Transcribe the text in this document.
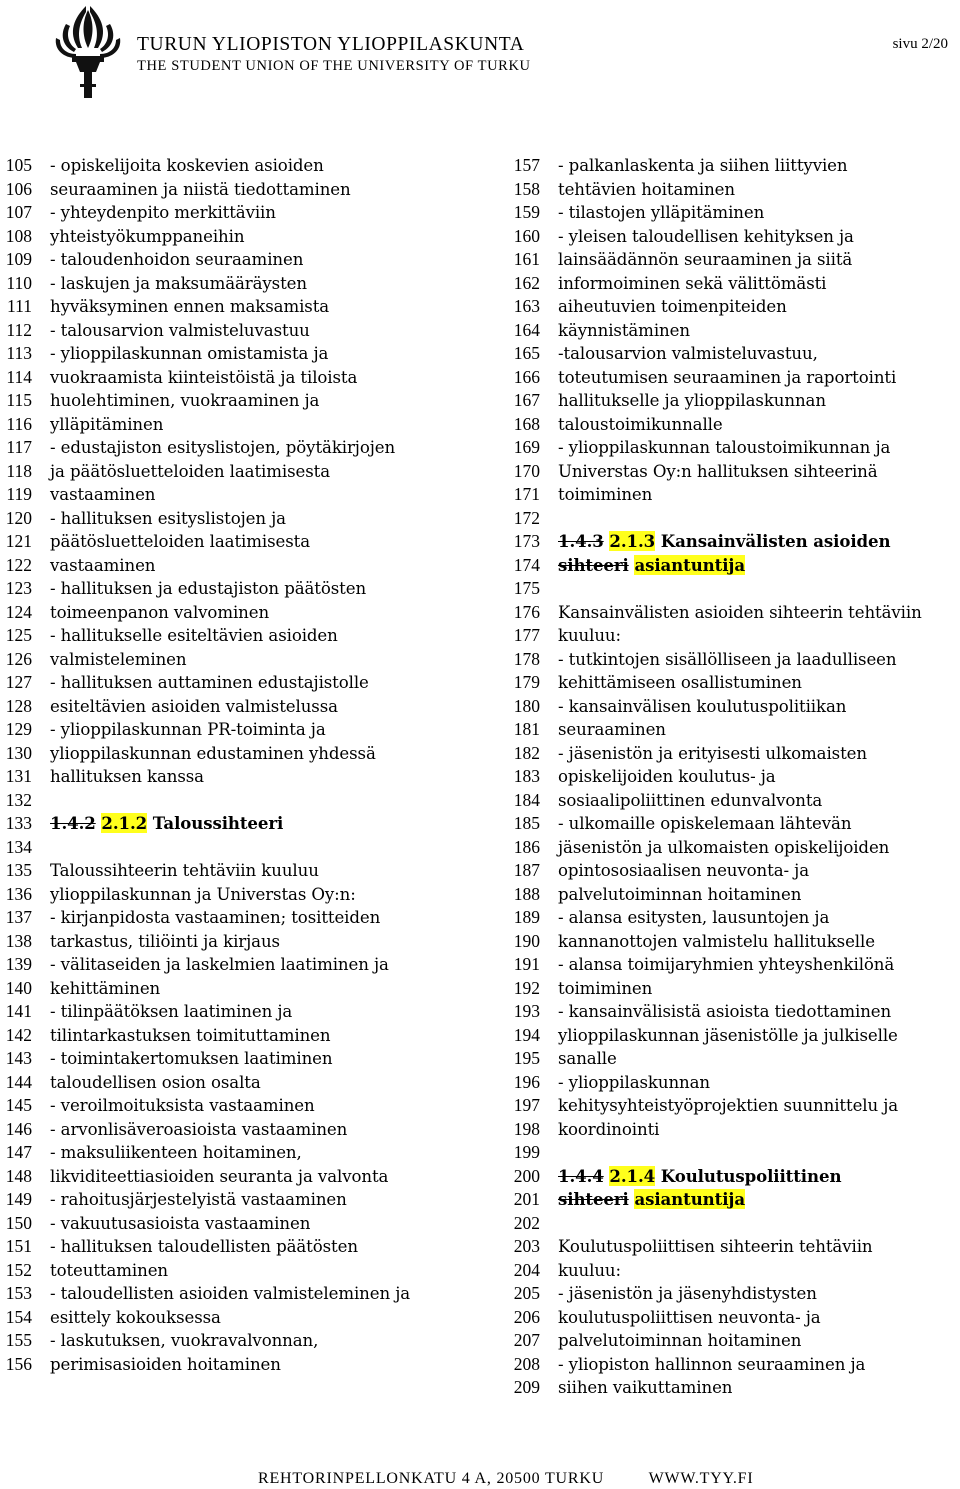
TURUN YLIOPISTON YLIOPPILASKUNTA
THE STUDENT UNION OF THE UNIVERSITY OF TURKU
sivu 2/20
105 - opiskelijoita koskevien asioiden
106 seuraaminen ja niistä tiedottaminen
107 - yhteydenpito merkittäviin
108 yhteistyökumppaneihin
109 - taloudenhoidon seuraaminen
110 - laskujen ja maksumääräysten
111 hyväksyminen ennen maksamista
112 - talousarvion valmisteluvastuu
113 - ylioppilaskunnan omistamista ja
114 vuokraamista kiinteistöistä ja tiloista
115 huolehtiminen, vuokraaminen ja
116 ylläpitäminen
117 - edustajiston esityslistojen, pöytäkirjojen
118 ja päätösluetteloiden laatimisesta
119 vastaaminen
120 - hallituksen esityslistojen ja
121 päätösluetteloiden laatimisesta
122 vastaaminen
123 - hallituksen ja edustajiston päätösten
124 toimeenpanon valvominen
125 - hallitukselle esiteltävien asioiden
126 valmisteleminen
127 - hallituksen auttaminen edustajistolle
128 esiteltävien asioiden valmistelussa
129 - ylioppilaskunnan PR-toiminta ja
130 ylioppilaskunnan edustaminen yhdessä
131 hallituksen kanssa
132
133 1.4.2 2.1.2 Taloussihteeri
134
135 Taloussihteerin tehtäviin kuuluu
136 ylioppilaskunnan ja Universtas Oy:n:
137 - kirjanpidosta vastaaminen; tositteiden
138 tarkastus, tiliöinti ja kirjaus
139 - välitaseiden ja laskelmien laatiminen ja
140 kehittäminen
141 - tilinpäätöksen laatiminen ja
142 tilintarkastuksen toimituttaminen
143 - toimintakertomuksen laatiminen
144 taloudellisen osion osalta
145 - veroilmoituksista vastaaminen
146 - arvonlisäveroasioista vastaaminen
147 - maksuliikenteen hoitaminen,
148 likviditeettiasioiden seuranta ja valvonta
149 - rahoitusjärjestelyistä vastaaminen
150 - vakuutusasioista vastaaminen
151 - hallituksen taloudellisten päätösten
152 toteuttaminen
153 - taloudellisten asioiden valmisteleminen ja
154 esittely kokouksessa
155 - laskutuksen, vuokravalvonnan,
156 perimisasioiden hoitaminen
157 - palkanlaskenta ja siihen liittyvien
158 tehtävien hoitaminen
159 - tilastojen ylläpitäminen
160 - yleisen taloudellisen kehityksen ja
161 lainsäädännön seuraaminen ja siitä
162 informoiminen sekä välittömästi
163 aiheutuvien toimenpiteiden
164 käynnistäminen
165 -talousarvion valmisteluvastuu,
166 toteutumisen seuraaminen ja raportointi
167 hallitukselle ja ylioppilaskunnan
168 taloustoimikunnalle
169 - ylioppilaskunnan taloustoimikunnan ja
170 Universtas Oy:n hallituksen sihteerinä
171 toimiminen
172
173 1.4.3 2.1.3 Kansainvälisten asioiden
174 sihteeri asiantuntija
175
176 Kansainvälisten asioiden sihteerin tehtäviin
177 kuuluu:
178 - tutkintojen sisällölliseen ja laadulliseen
179 kehittämiseen osallistuminen
180 - kansainvälisen koulutuspolitiikan
181 seuraaminen
182 - jäsenistön ja erityisesti ulkomaisten
183 opiskelijoiden koulutus- ja
184 sosiaalipoliittinen edunvalvonta
185 - ulkomaille opiskelemaan lähtevän
186 jäsenistön ja ulkomaisten opiskelijoiden
187 opintososiaalisen neuvonta- ja
188 palvelutoiminnan hoitaminen
189 - alansa esitysten, lausuntojen ja
190 kannanottojen valmistelu hallitukselle
191 - alansa toimijaryhmien yhteyshenkilönä
192 toimiminen
193 - kansainvälisistä asioista tiedottaminen
194 ylioppilaskunnan jäsenistölle ja julkiselle
195 sanalle
196 - ylioppilaskunnan
197 kehitysyhteistyöprojektien suunnittelu ja
198 koordinointi
199
200 1.4.4 2.1.4 Koulutuspoliittinen
201 sihteeri asiantuntija
202
203 Koulutuspoliittisen sihteerin tehtäviin
204 kuuluu:
205 - jäsenistön ja jäsenyhdistysten
206 koulutuspoliittisen neuvonta- ja
207 palvelutoiminnan hoitaminen
208 - yliopiston hallinnon seuraaminen ja
209 siihen vaikuttaminen
REHTORINPELLONKATU 4 A, 20500 TURKU	WWW.TYY.FI
